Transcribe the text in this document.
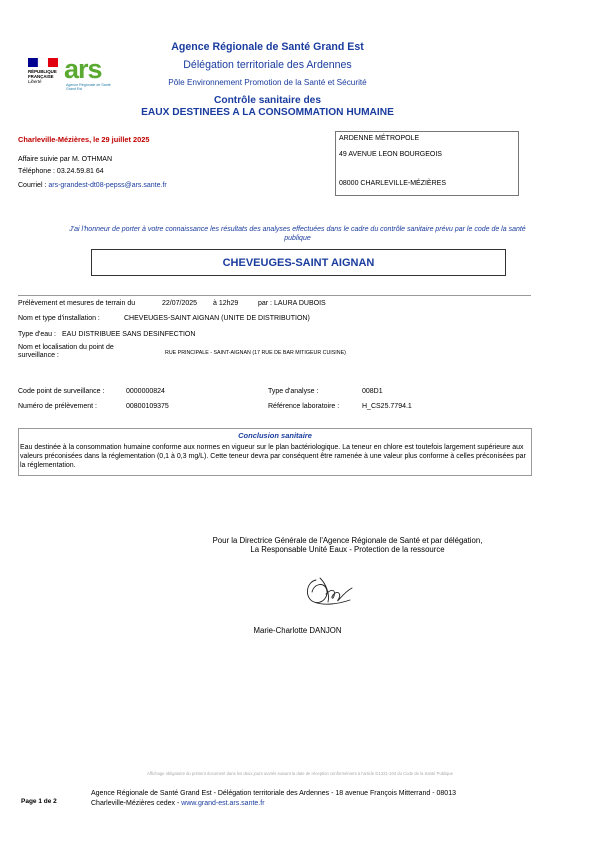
RÉPUBLIQUE
FRANÇAISE
Liberté ars
Agence Régionale de Santé
Grand Est
Agence Régionale de Santé Grand Est
Délégation territoriale des Ardennes
Pôle Environnement Promotion de la Santé et Sécurité
Contrôle sanitaire des
EAUX DESTINEES A LA CONSOMMATION HUMAINE
Charleville-Mézières, le 29 juillet 2025
Affaire suivie par M. OTHMAN
Téléphone : 03.24.59.81 64
Courriel : ars-grandest-dt08-pepss@ars.sante.fr
ARDENNE MÉTROPOLE
49 AVENUE LEON BOURGEOIS
08000 CHARLEVILLE-MÉZIÈRES
J'ai l'honneur de porter à votre connaissance les résultats des analyses effectuées dans le cadre du contrôle sanitaire prévu par le code de la santé publique
CHEVEUGES-SAINT AIGNAN
Prélèvement et mesures de terrain du	22/07/2025 à 12h29	par : LAURA DUBOIS
Nom et type d'installation :	CHEVEUGES-SAINT AIGNAN (UNITE DE DISTRIBUTION)
Type d'eau : EAU DISTRIBUEE SANS DESINFECTION
Nom et localisation du point de
surveillance :	RUE PRINCIPALE - SAINT-AIGNAN (17 RUE DE BAR MITIGEUR CUISINE)
Code point de surveillance :	0000000824	Type d'analyse :	008D1
Numéro de prélèvement :	00800109375	Référence laboratoire :	H_CS25.7794.1
Conclusion sanitaire
Eau destinée à la consommation humaine conforme aux normes en vigueur sur le plan bactériologique. La teneur en chlore est toutefois largement supérieure aux valeurs préconisées dans la réglementation (0,1 à 0,3 mg/L). Cette teneur devra par conséquent être ramenée à une valeur plus conforme à celles préconisées par la réglementation.
Pour la Directrice Générale de l'Agence Régionale de Santé et par délégation,
La Responsable Unité Eaux - Protection de la ressource
Marie-Charlotte DANJON
Affichage obligatoire du présent document dans les deux jours ouvrés suivant la date de réception conformément à l'article D1321-104 du Code de la Santé Publique
Page 1 de 2
Agence Régionale de Santé Grand Est - Délégation territoriale des Ardennes - 18 avenue François Mitterrand - 08013
Charleville-Mézières cedex - www.grand-est.ars.sante.fr
